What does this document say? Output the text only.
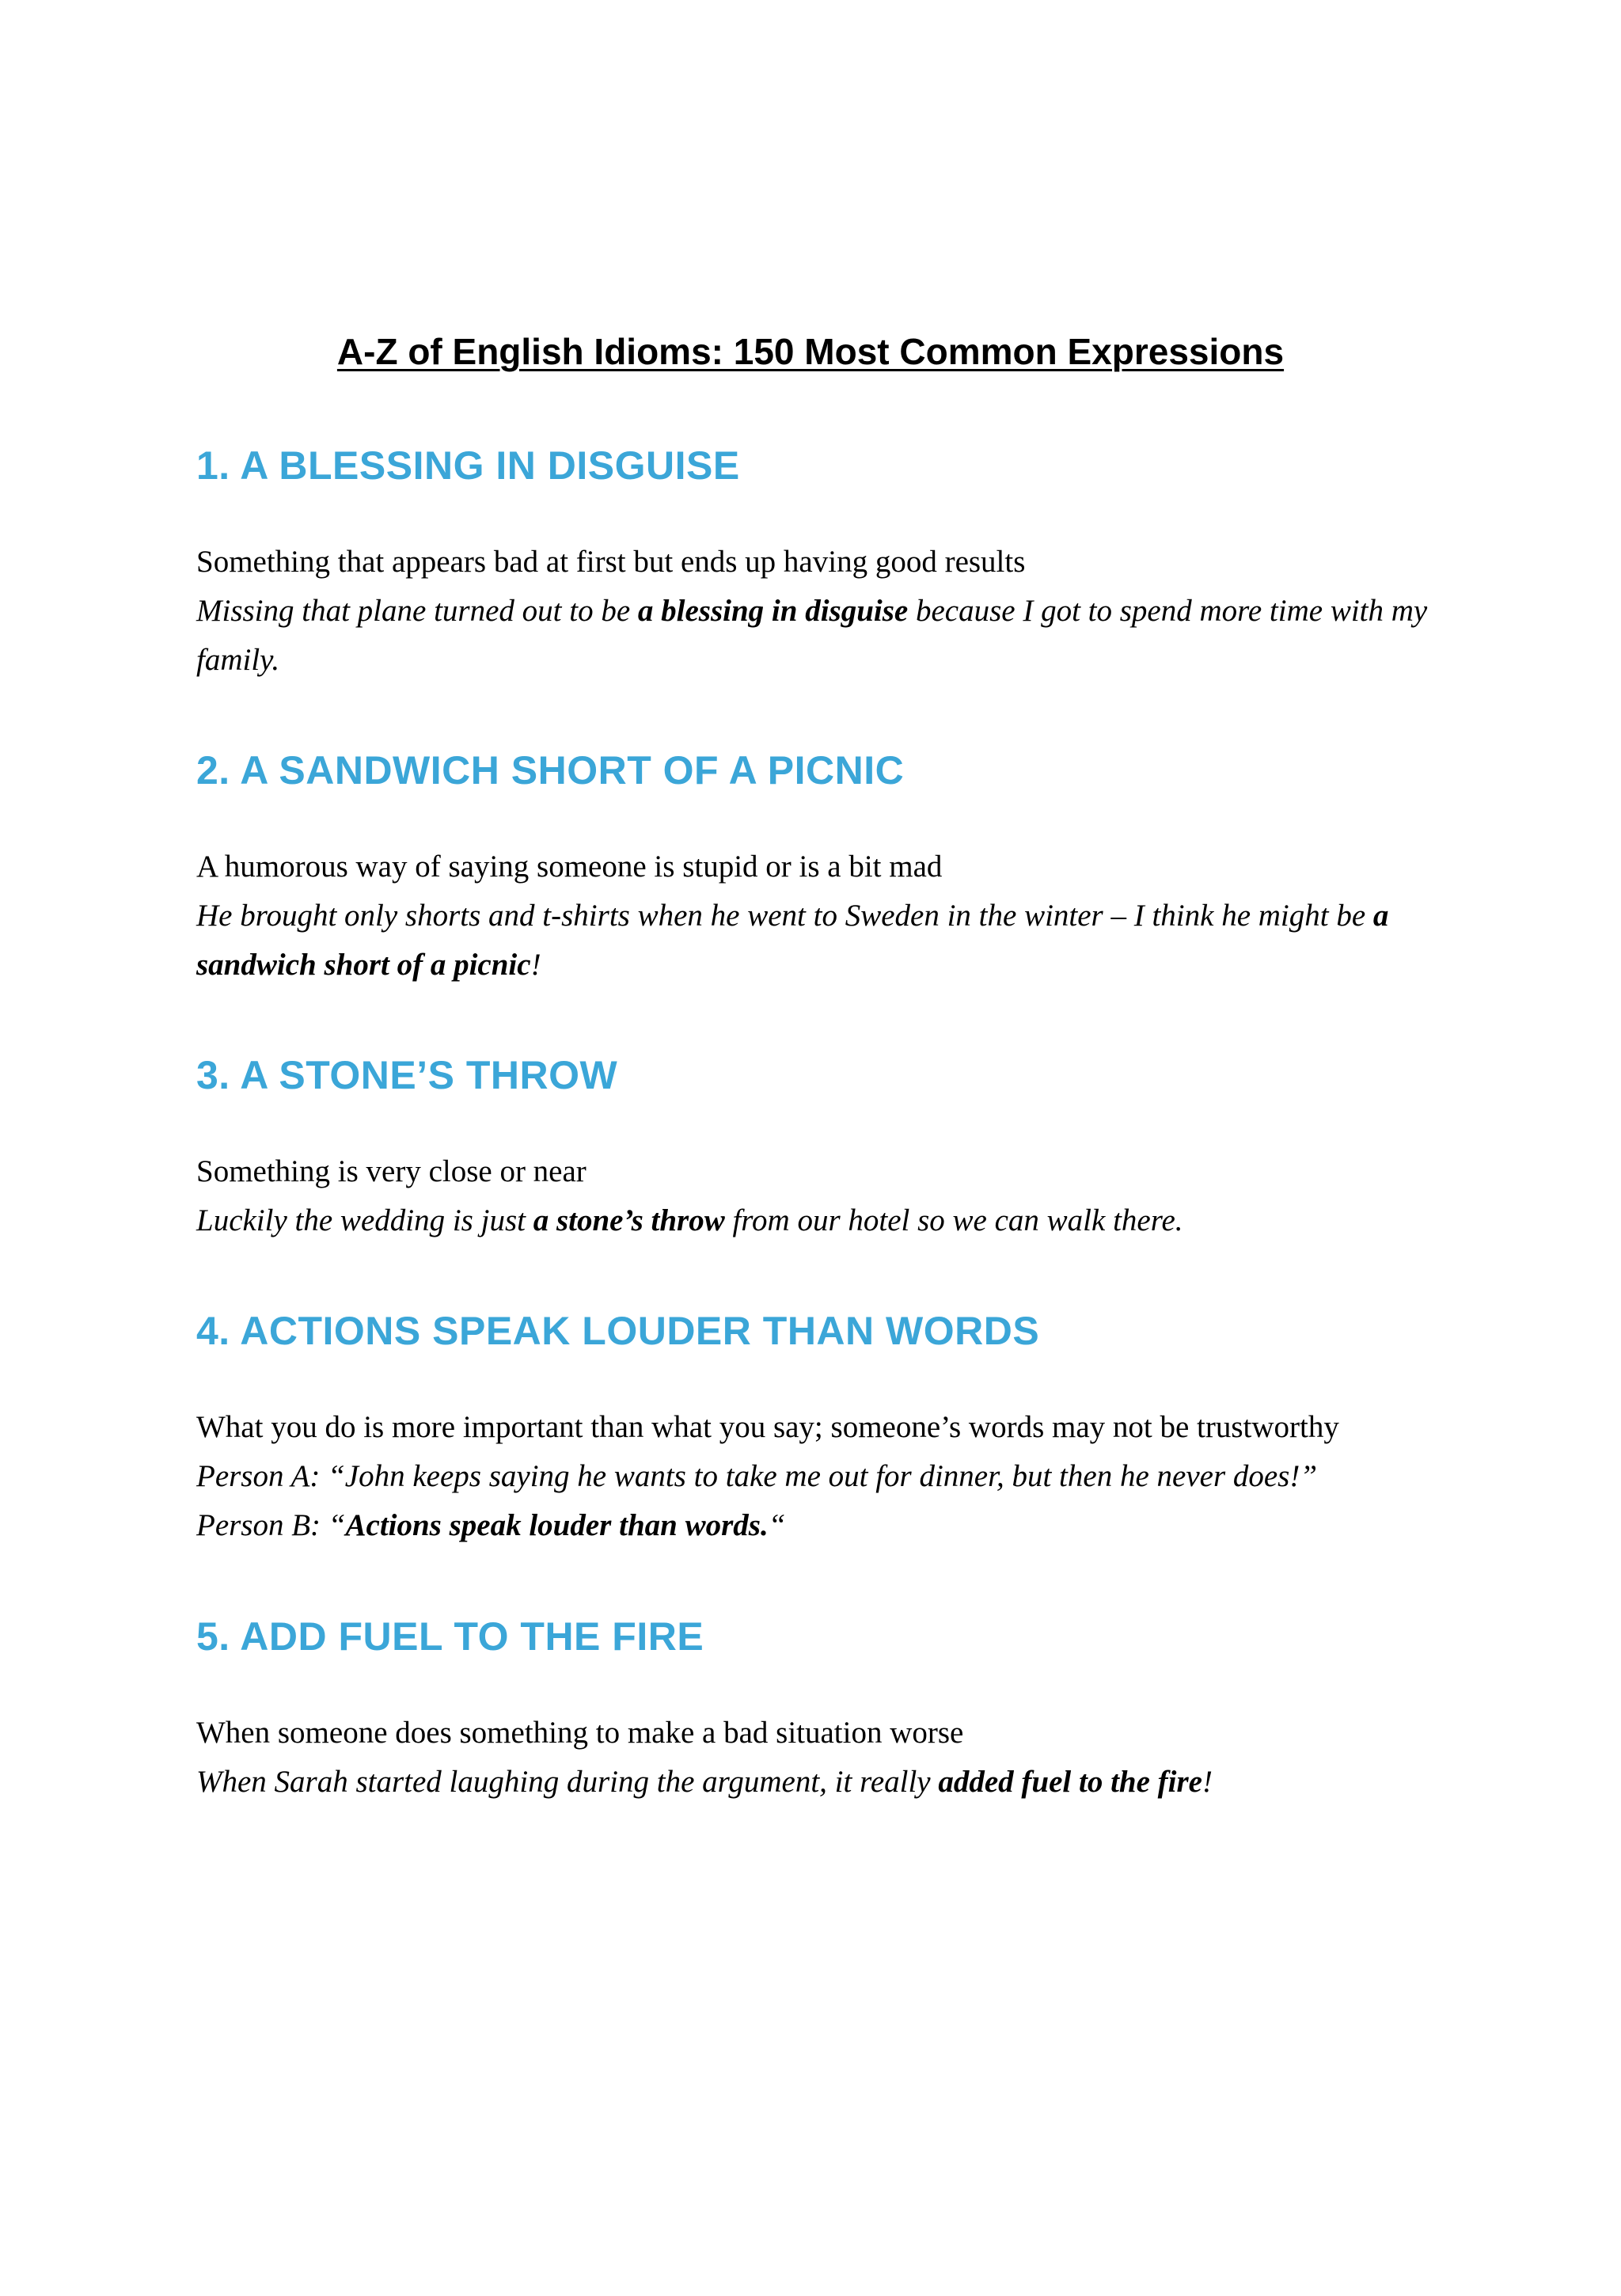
A-Z of English Idioms: 150 Most Common Expressions
1. A BLESSING IN DISGUISE
Something that appears bad at first but ends up having good results
Missing that plane turned out to be a blessing in disguise because I got to spend more time with my family.
2. A SANDWICH SHORT OF A PICNIC
A humorous way of saying someone is stupid or is a bit mad
He brought only shorts and t-shirts when he went to Sweden in the winter – I think he might be a sandwich short of a picnic!
3. A STONE’S THROW
Something is very close or near
Luckily the wedding is just a stone’s throw from our hotel so we can walk there.
4. ACTIONS SPEAK LOUDER THAN WORDS
What you do is more important than what you say; someone’s words may not be trustworthy
Person A: “John keeps saying he wants to take me out for dinner, but then he never does!”
Person B: “Actions speak louder than words.“
5. ADD FUEL TO THE FIRE
When someone does something to make a bad situation worse
When Sarah started laughing during the argument, it really added fuel to the fire!
